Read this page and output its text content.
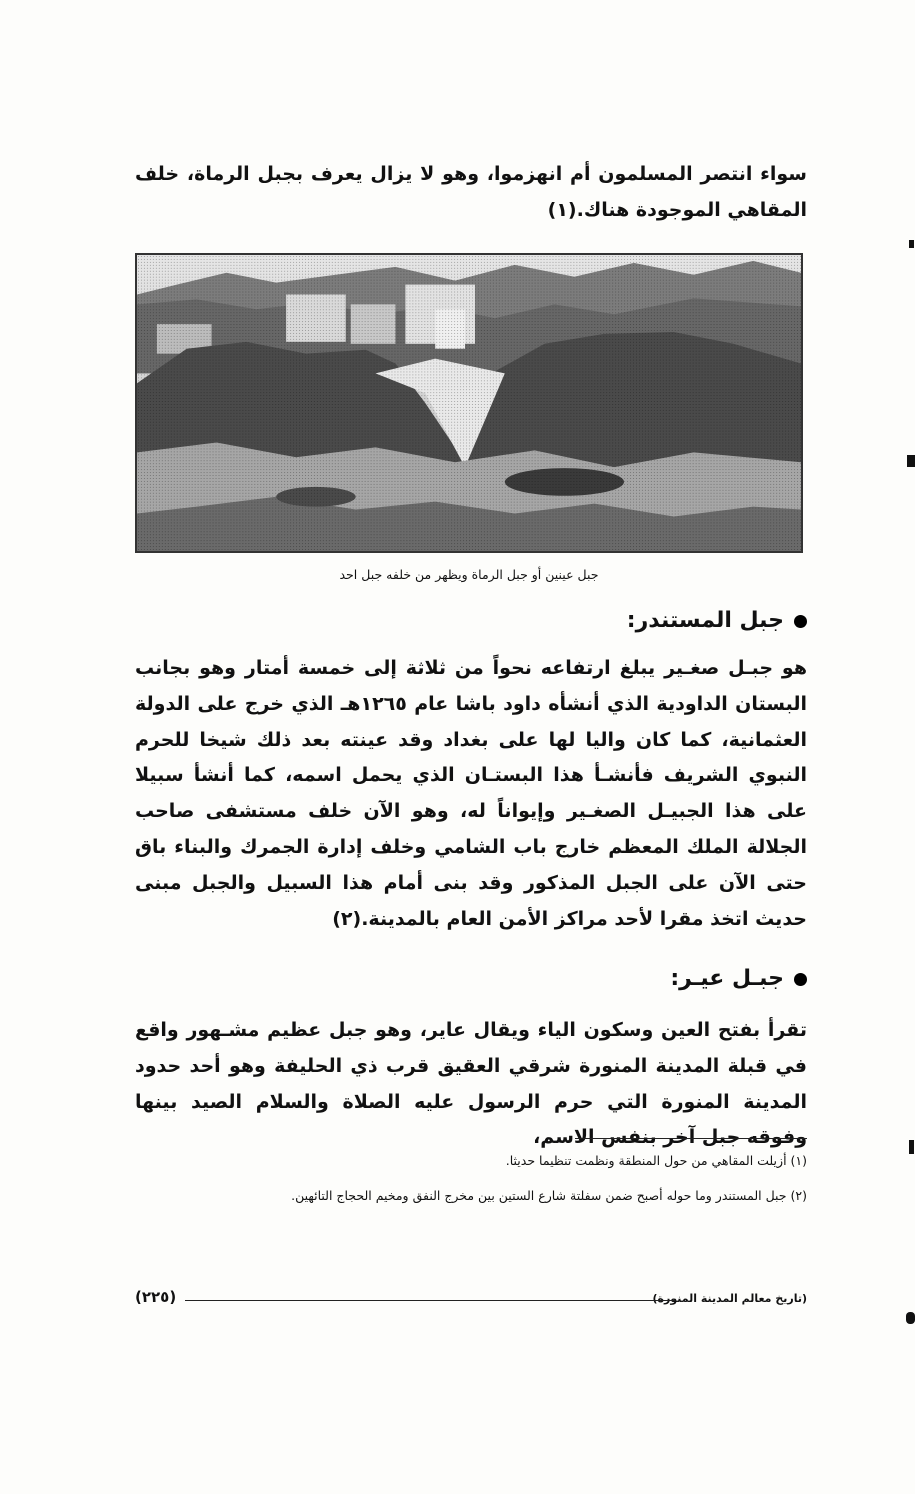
سواء انتصر المسلمون أم انهزموا، وهو لا يزال يعرف بجبل الرماة، خلف المقاهي الموجودة هناك.(١)
جبل عينين أو جبل الرماة ويظهر من خلفه جبل احد
جبل المستندر:
هو جبـل صغـير يبلغ ارتفاعه نحواً من ثلاثة إلى خمسة أمتار وهو بجانب البستان الداودية الذي أنشأه داود باشا عام ١٢٦٥هـ الذي خرج على الدولة العثمانية، كما كان واليا لها على بغداد وقد عينته بعد ذلك شيخا للحرم النبوي الشريف فأنشـأ هذا البستـان الذي يحمل اسمه، كما أنشأ سبيلا على هذا الجبيـل الصغـير وإيواناً له، وهو الآن خلف مستشفى صاحب الجلالة الملك المعظم خارج باب الشامي وخلف إدارة الجمرك والبناء باق حتى الآن على الجبل المذكور وقد بنى أمام هذا السبيل والجبل مبنى حديث اتخذ مقرا لأحد مراكز الأمن العام بالمدينة.(٢)
جبـل عيـر:
تقرأ بفتح العين وسكون الياء ويقال عاير، وهو جبل عظيم مشـهور واقع في قبلة المدينة المنورة شرقي العقيق قرب ذي الحليفة وهو أحد حدود المدينة المنورة التي حرم الرسول عليه الصلاة والسلام الصيد بينها وفوقه جبل آخر بنفس الاسم،
(١) أزيلت المقاهي من حول المنطقة ونظمت تنظيما حديثا.
(٢) جبل المستندر وما حوله أصبح ضمن سفلتة شارع الستين بين مخرج النفق ومخيم الحجاج التائهين.
(تاريخ معالم المدينة المنورة)
(٢٢٥)
